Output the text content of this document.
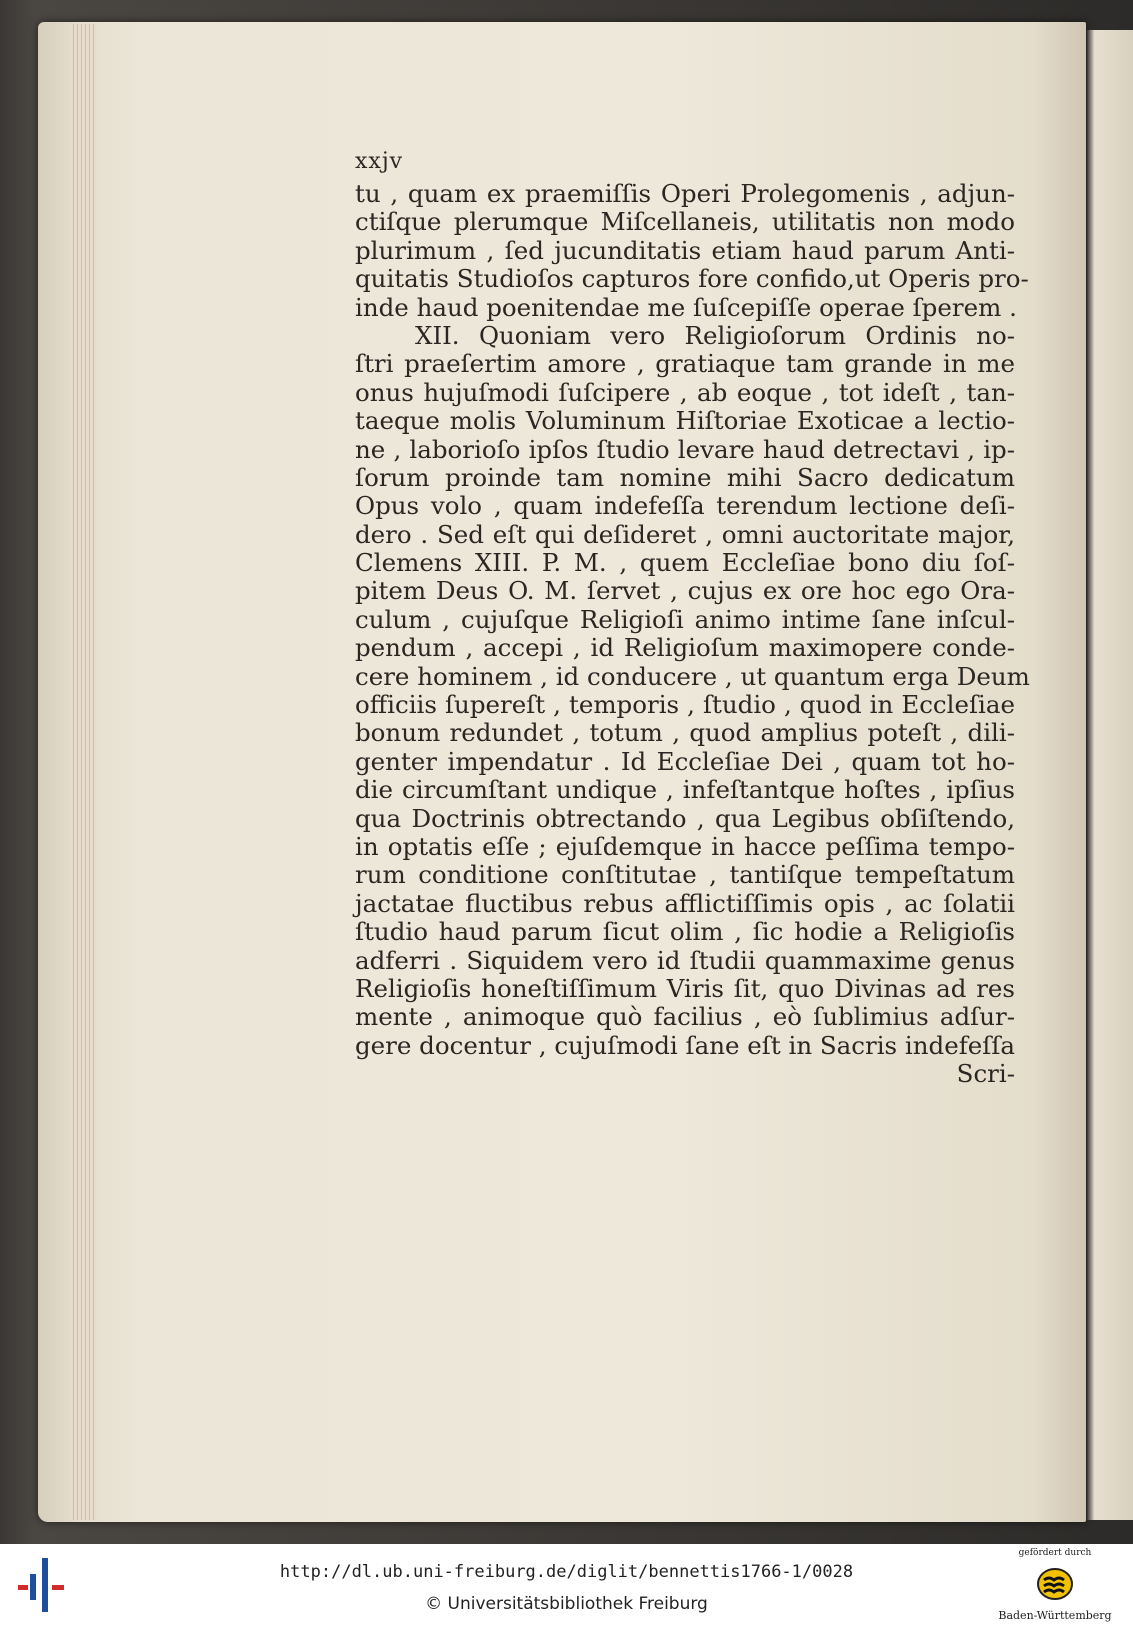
xxjv
tu , quam ex praemiſſis Operi Prolegomenis , adjun-
ctiſque plerumque Miſcellaneis, utilitatis non modo
plurimum , ſed jucunditatis etiam haud parum Anti-
quitatis Studioſos capturos fore confido,ut Operis pro-
inde haud poenitendae me ſuſcepiſſe operae ſperem .
XII. Quoniam vero Religioſorum Ordinis no-
ſtri praeſertim amore , gratiaque tam grande in me
onus hujuſmodi ſuſcipere , ab eoque , tot ideſt , tan-
taeque molis Voluminum Hiſtoriae Exoticae a lectio-
ne , laborioſo ipſos ſtudio levare haud detrectavi , ip-
ſorum proinde tam nomine mihi Sacro dedicatum
Opus volo , quam indefeſſa terendum lectione deſi-
dero . Sed eſt qui deſideret , omni auctoritate major,
Clemens XIII. P. M. , quem Eccleſiae bono diu ſoſ-
pitem Deus O. M. ſervet , cujus ex ore hoc ego Ora-
culum , cujuſque Religioſi animo intime ſane inſcul-
pendum , accepi , id Religioſum maximopere conde-
cere hominem , id conducere , ut quantum erga Deum
officiis ſupereſt , temporis , ſtudio , quod in Eccleſiae
bonum redundet , totum , quod amplius poteſt , dili-
genter impendatur . Id Eccleſiae Dei , quam tot ho-
die circumſtant undique , infeſtantque hoſtes , ipſius
qua Doctrinis obtrectando , qua Legibus obſiſtendo,
in optatis eſſe ; ejuſdemque in hacce peſſima tempo-
rum conditione conſtitutae , tantiſque tempeſtatum
jactatae fluctibus rebus afflictiſſimis opis , ac ſolatii
ſtudio haud parum ſicut olim , ſic hodie a Religioſis
adferri . Siquidem vero id ſtudii quammaxime genus
Religioſis honeſtiſſimum Viris ſit, quo Divinas ad res
mente , animoque quò facilius , eò ſublimius adſur-
gere docentur , cujuſmodi ſane eſt in Sacris indefeſſa
Scri-
http://dl.ub.uni-freiburg.de/diglit/bennettis1766-1/0028
© Universitätsbibliothek Freiburg
gefördert durch
Baden-Württemberg
